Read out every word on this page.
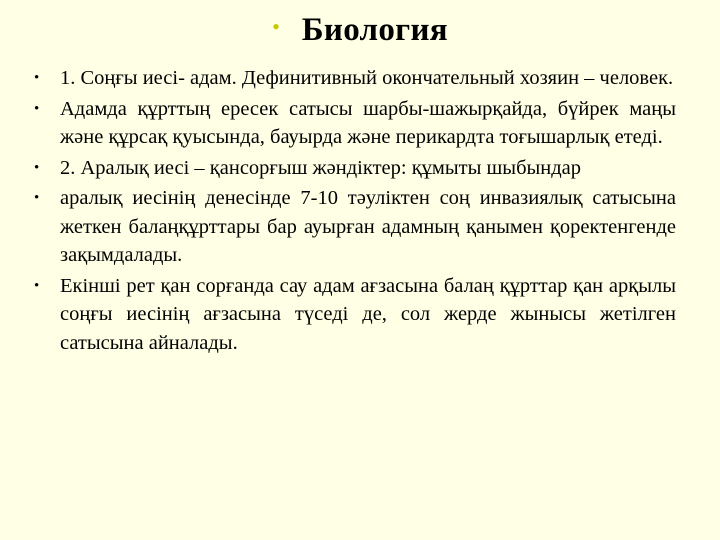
• Биология
• 1. Соңғы иесі- адам. Дефинитивный окончательный хозяин – человек.
• Адамда құрттың ересек сатысы шарбы-шажырқайда, бүйрек маңы және құрсақ қуысында, бауырда және перикардта тоғышарлық етеді.
• 2. Аралық иесі – қансорғыш жәндіктер: құмыты шыбындар
• аралық иесінің денесінде 7-10 тәуліктен соң инвазиялық сатысына жеткен балаңқұрттары бар ауырған адамның қанымен қоректенгенде зақымдалады.
• Екінші рет қан сорғанда сау адам ағзасына балаң құрттар қан арқылы соңғы иесінің ағзасына түседі де, сол жерде жынысы жетілген сатысына айналады.
